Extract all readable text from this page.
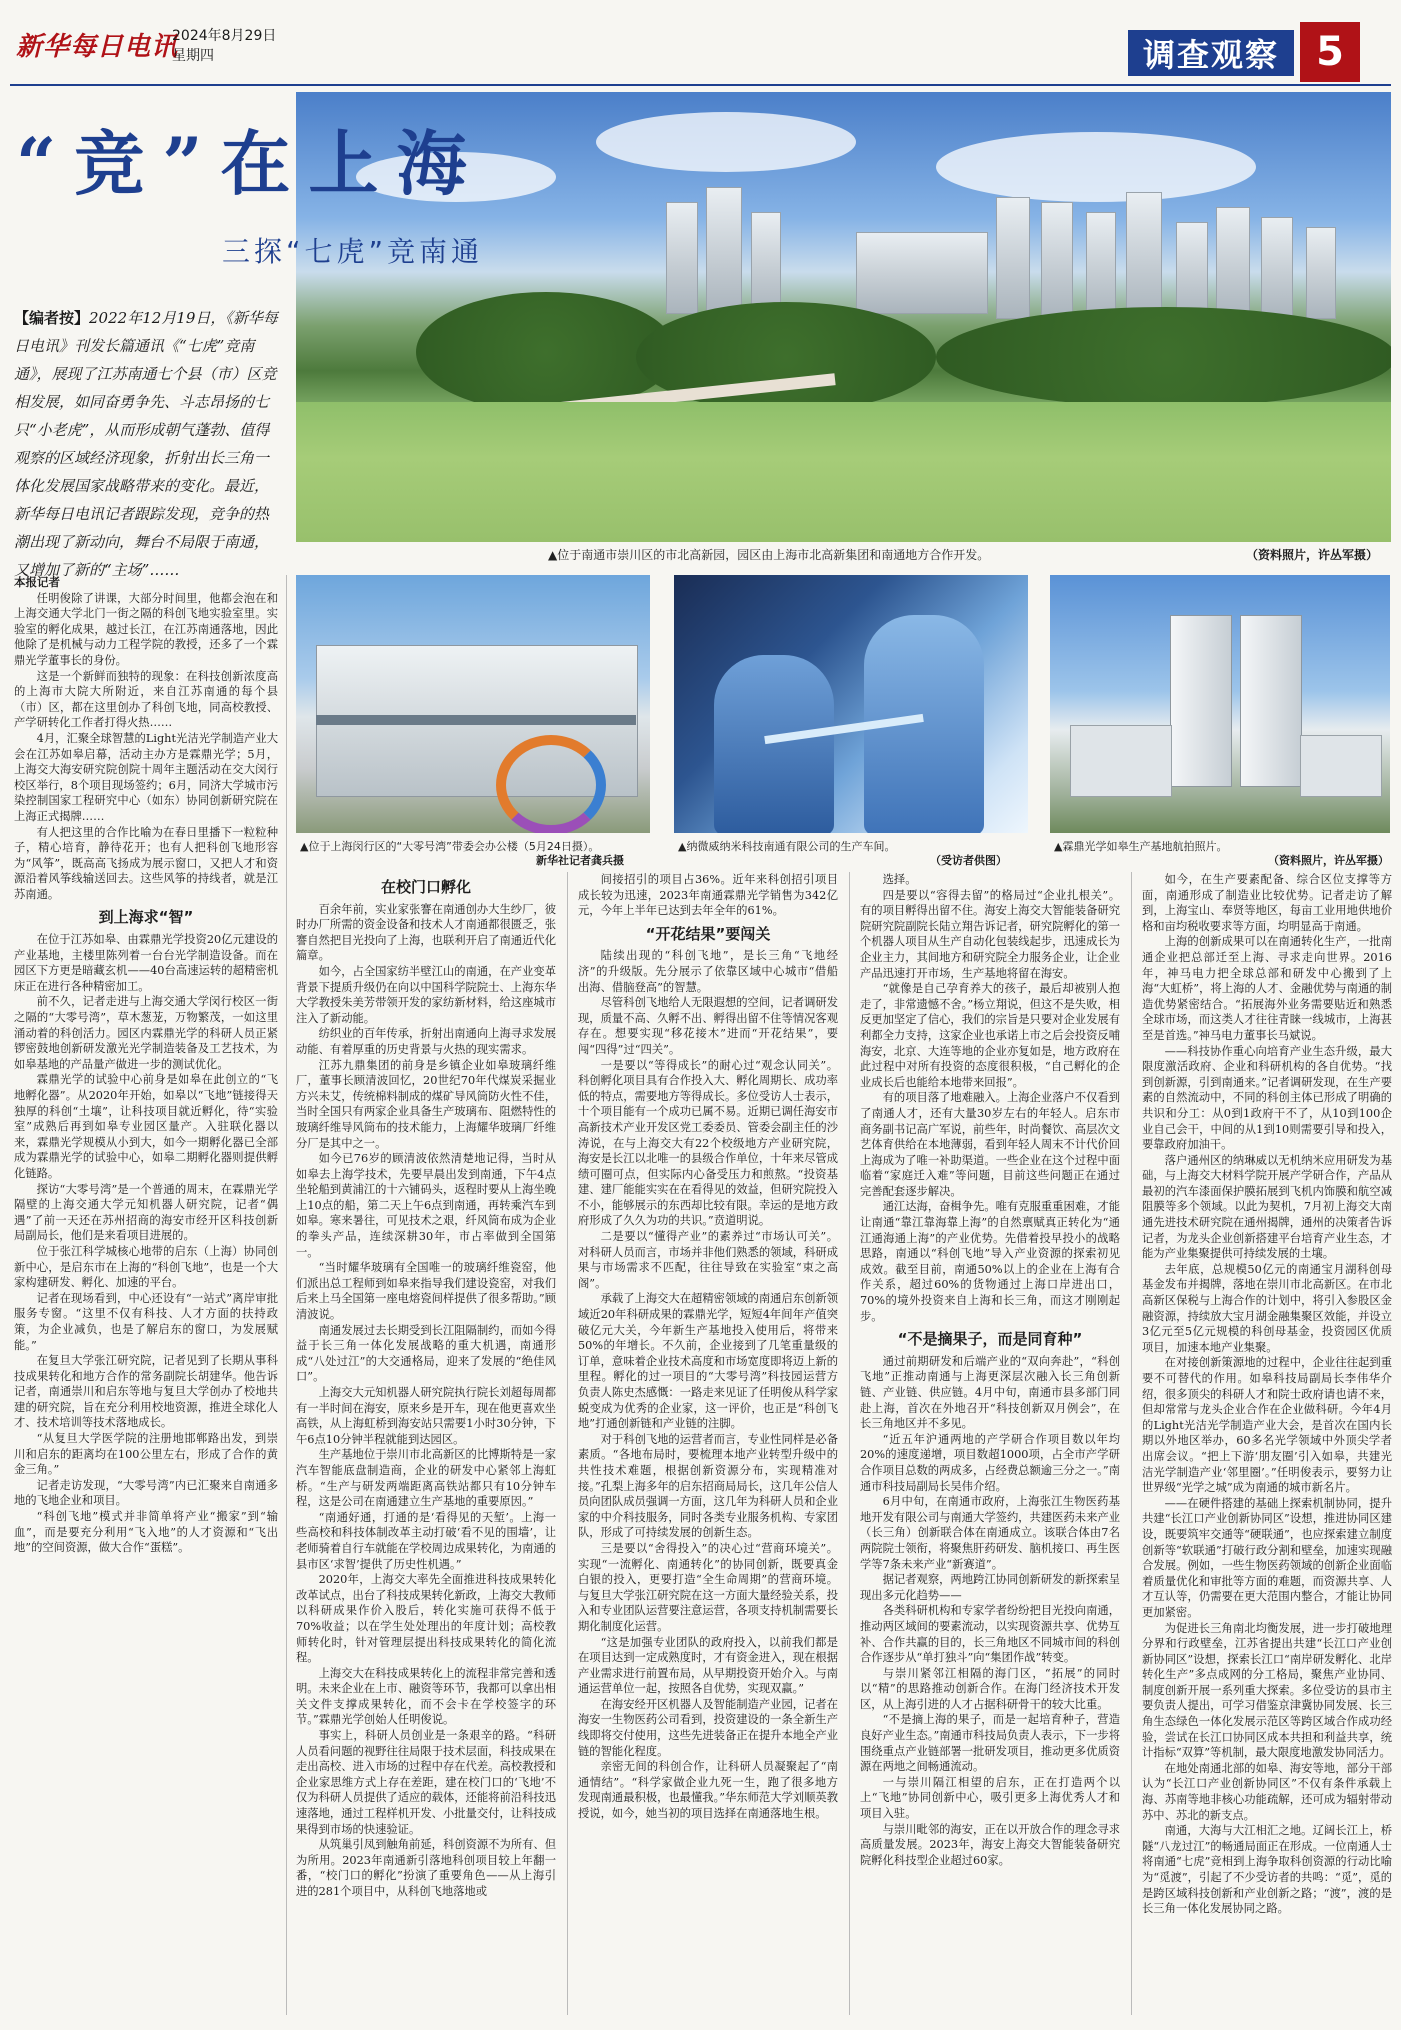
新华每日电讯
2024年8月29日
星期四	调查观察 5
“竞”在上海
三探“七虎”竞南通
【编者按】2022年12月19日，《新华每日电讯》刊发长篇通讯《“七虎”竞南通》，展现了江苏南通七个县（市）区竞相发展，如同奋勇争先、斗志昂扬的七只“小老虎”，从而形成朝气蓬勃、值得观察的区域经济现象，折射出长三角一体化发展国家战略带来的变化。最近，新华每日电讯记者跟踪发现，竞争的热潮出现了新动向，舞台不局限于南通，又增加了新的“主场”……
▲位于南通市崇川区的市北高新园，园区由上海市北高新集团和南通地方合作开发。	（资料照片，许丛军摄）
▲位于上海闵行区的“大零号湾”带委会办公楼（5月24日摄）。
新华社记者龚兵摄
▲纳微威纳米科技南通有限公司的生产车间。
（受访者供图）
▲霖鼎光学如皋生产基地航拍照片。
（资料照片，许丛军摄）

本报记者

任明俊除了讲课，大部分时间里，他都会泡在和上海交通大学北门一街之隔的科创飞地实验室里。实验室的孵化成果，越过长江，在江苏南通落地，因此他除了是机械与动力工程学院的教授，还多了一个霖鼎光学董事长的身份。

这是一个新鲜而独特的现象：在科技创新浓度高的上海市大院大所附近，来自江苏南通的每个县（市）区，都在这里创办了科创飞地，同高校教授、产学研转化工作者打得火热……

4月，汇聚全球智慧的Light光洁光学制造产业大会在江苏如皋启幕，活动主办方是霖鼎光学；5月，上海交大海安研究院创院十周年主题活动在交大闵行校区举行，8个项目现场签约；6月，同济大学城市污染控制国家工程研究中心（如东）协同创新研究院在上海正式揭牌……

有人把这里的合作比喻为在春日里播下一粒粒种子，精心培育，静待花开；也有人把科创飞地形容为“风筝”，既高高飞扬成为展示窗口，又把人才和资源沿着风筝线输送回去。这些风筝的持线者，就是江苏南通。

到上海求“智”

在位于江苏如皋、由霖鼎光学投资20亿元建设的产业基地，主楼里陈列着一台台光学制造设备。而在园区下方更是暗藏玄机——40台高速运转的超精密机床正在进行各种精密加工。

前不久，记者走进与上海交通大学闵行校区一街之隔的“大零号湾”，草木葱茏，万物繁茂，一如这里涌动着的科创活力。园区内霖鼎光学的科研人员正紧锣密鼓地创新研发激光光学制造装备及工艺技术，为如皋基地的产品量产做进一步的测试优化。

霖鼎光学的试验中心前身是如皋在此创立的“飞地孵化器”。从2020年开始，如皋以“飞地”链接得天独厚的科创“土壤”，让科技项目就近孵化，待“实验室”成熟后再到如皋专业园区量产。入驻联化器以来，霖鼎光学规模从小到大，如今一期孵化器已全部成为霖鼎光学的试验中心，如皋二期孵化器则提供孵化链路。

探访“大零号湾”是一个普通的周末，在霖鼎光学隔壁的上海交通大学元知机器人研究院，记者“偶遇”了前一天还在苏州招商的海安市经开区科技创新局副局长，他们是来看项目进展的。

位于张江科学城核心地带的启东（上海）协同创新中心，是启东市在上海的“科创飞地”，也是一个大家构建研发、孵化、加速的平台。

记者在现场看到，中心还设有“一站式”离岸审批服务专窗。“这里不仅有科技、人才方面的扶持政策，为企业减负，也是了解启东的窗口，为发展赋能。”

在复旦大学张江研究院，记者见到了长期从事科技成果转化和地方合作的常务副院长胡建华。他告诉记者，南通崇川和启东等地与复旦大学创办了校地共建的研究院，旨在充分利用校地资源，推进全球化人才、技术培训等技术落地成长。

“从复旦大学医学院的注册地邯郸路出发，到崇川和启东的距离均在100公里左右，形成了合作的黄金三角。”

记者走访发现，“大零号湾”内已汇聚来自南通多地的飞地企业和项目。

“科创飞地”模式并非简单将产业“搬家”到“输血”，而是要充分利用“飞入地”的人才资源和“飞出地”的空间资源，做大合作“蛋糕”。

在校门口孵化

百余年前，实业家张謇在南通创办大生纱厂，彼时办厂所需的资金设备和技术人才南通都很匮乏，张謇自然把目光投向了上海，也联利开启了南通近代化篇章。

如今，占全国家纺半壁江山的南通，在产业变革背景下提质升级仍在向以中国科学院院士、上海东华大学教授朱美芳带领开发的家纺新材料，给这座城市注入了新动能。

纺织业的百年传承，折射出南通向上海寻求发展动能、有着厚重的历史背景与火热的现实需求。

江苏九鼎集团的前身是乡镇企业如皋玻璃纤维厂，董事长顾清波回忆，20世纪70年代煤炭采掘业方兴未艾，传统棉料制成的煤矿导风筒防火性不佳，当时全国只有两家企业具备生产玻璃布、阻燃特性的玻璃纤维导风筒布的技术能力，上海耀华玻璃厂纤维分厂是其中之一。

如今已76岁的顾清波依然清楚地记得，当时从如皋去上海学技术，先要早晨出发到南通，下午4点坐轮船到黄浦江的十六铺码头，返程时要从上海坐晚上10点的船，第二天上午6点到南通，再转乘汽车到如皋。寒来暑往，可见技术之艰，纤风筒布成为企业的拳头产品，连续深耕30年，市占率做到全国第一。

“当时耀华玻璃有全国唯一的玻璃纤维瓷窑，他们派出总工程师到如皋来指导我们建设瓷窑，对我们后来上马全国第一座电熔瓷间样提供了很多帮助。”顾清波说。

南通发展过去长期受到长江阻隔制约，而如今得益于长三角一体化发展战略的重大机遇，南通形成“八处过江”的大交通格局，迎来了发展的“绝佳风口”。

上海交大元知机器人研究院执行院长刘超每周都有一半时间在海安，原来乡是开车，现在他更喜欢坐高铁，从上海虹桥到海安站只需要1小时30分钟，下午6点10分钟半程就能到达园区。

生产基地位于崇川市北高新区的比博斯特是一家汽车智能底盘制造商，企业的研发中心紧邻上海虹桥。“生产与研发两端距离高铁站都只有10分钟车程，这是公司在南通建立生产基地的重要原因。”

“南通好通，打通的是‘看得见的天堑’。上海一些高校和科技体制改革主动打破‘看不见的围墙’，让老师骑着自行车就能在学校周边成果转化，为南通的县市区‘求智’提供了历史性机遇。”

2020年，上海交大率先全面推进科技成果转化改革试点，出台了科技成果转化新政，上海交大教师以科研成果作价入股后，转化实施可获得不低于70%收益；以在学生处处理出的年度计划；高校教师转化时，针对管理层提出科技成果转化的简化流程。

上海交大在科技成果转化上的流程非常完善和透明。未来企业在上市、融资等环节，我都可以拿出相关文件支撑成果转化，而不会卡在学校签字的环节。”霖鼎光学创始人任明俊说。

事实上，科研人员创业是一条艰辛的路。“科研人员看问题的视野往往局限于技术层面，科技成果在走出高校、进入市场的过程中存在代差。高校教授和企业家思维方式上存在差距，建在校门口的‘飞地’不仅为科研人员提供了适应的载体，还能将前沿科技迅速落地，通过工程样机开发、小批量交付，让科技成果得到市场的快速验证。

从筑巢引凤到触角前延，科创资源不为所有、但为所用。2023年南通新引落地科创项目较上年翻一番，“校门口的孵化”扮演了重要角色——从上海引进的281个项目中，从科创飞地落地或

间接招引的项目占36%。近年来科创招引项目成长较为迅速，2023年南通霖鼎光学销售为342亿元，今年上半年已达到去年全年的61%。

“开花结果”要闯关

陆续出现的“科创飞地”，是长三角“飞地经济”的升级版。先分展示了依靠区域中心城市“借船出海、借脑登高”的智慧。

尽管科创飞地给人无限遐想的空间，记者调研发现，质量不高、久孵不出、孵得出留不住等情况客观存在。想要实现“移花接木”进而“开花结果”，要闯“四得”过“四关”。

一是要以“等得成长”的耐心过“观念认同关”。科创孵化项目具有合作投入大、孵化周期长、成功率低的特点，需要地方等得成长。多位受访人士表示，十个项目能有一个成功已属不易。近期已调任海安市高新技术产业开发区党工委委员、管委会副主任的沙涛说，在与上海交大有22个校级地方产业研究院，海安是长江以北唯一的县级合作单位，十年来尽管成绩可圈可点，但实际内心备受压力和煎熬。“投资基建、建厂能能实实在在看得见的效益，但研究院投入不小，能够展示的东西却比较有限。幸运的是地方政府形成了久久为功的共识。”贲道明说。

二是要以“懂得产业”的素养过“市场认可关”。对科研人员而言，市场并非他们熟悉的领域，科研成果与市场需求不匹配，往往导致在实验室“束之高阁”。

承载了上海交大在超精密领域的南通启东创新领域近20年科研成果的霖鼎光学，短短4年间年产值突破亿元大关，今年新生产基地投入使用后，将带来50%的年增长。不久前，企业接到了几笔重量级的订单，意味着企业技术高度和市场宽度即将迈上新的里程。孵化的过一项目的“大零号湾”科技园运营方负责人陈史杰感慨：一路走来见证了任明俊从科学家蜕变成为优秀的企业家，这一评价，也正是“科创飞地”打通创新链和产业链的注脚。

对于科创飞地的运营者而言，专业性同样是必备素质。“各地布局时，要梳理本地产业转型升级中的共性技术难题，根据创新资源分布，实现精准对接。”孔梨上海多年的启东招商局局长，这几年公信人员向团队成员强调一方面，这几年为科研人员和企业家的中介科技服务，同时各类专业服务机构、专家团队，形成了可持续发展的创新生态。

三是要以“舍得投入”的决心过“营商环境关”。实现“一流孵化、南通转化”的协同创新，既要真金白银的投入，更要打造“全生命周期”的营商环境。与复旦大学张江研究院在这一方面大量经验关系，投入和专业团队运营要注意运营，各项支持机制需要长期化制度化运营。

“这是加强专业团队的政府投入，以前我们都是在项目达到一定成熟度时，才有资金进入，现在根据产业需求进行前置布局，从早期投资开始介入。与南通运营单位一起，按照各自优势，实现双赢。”

在海安经开区机器人及智能制造产业园，记者在海安一生物医药公司看到，投资建设的一条全新生产线即将交付使用，这些先进装备正在提升本地全产业链的智能化程度。

亲密无间的科创合作，让科研人员凝聚起了“南通情结”。“科学家做企业九死一生，跑了很多地方发现南通最积极，也最懂我。”华东师范大学刘顺英教授说，如今，她当初的项目选择在南通落地生根。

选择。

四是要以“容得去留”的格局过“企业扎根关”。有的项目孵得出留不住。海安上海交大智能装备研究院研究院副院长陆立翔告诉记者，研究院孵化的第一个机器人项目从生产自动化包装线起步，迅速成长为企业主力，其间地方和研究院全力服务企业，让企业产品迅速打开市场，生产基地将留在海安。

“就像是自己孕育养大的孩子，最后却被别人抱走了，非常遗憾不舍。”杨立翔说，但这不是失败，相反更加坚定了信心，我们的宗旨是只要对企业发展有利都全力支持，这家企业也承诺上市之后会投资反哺海安，北京、大连等地的企业亦复如是，地方政府在此过程中对所有投资的态度很积极，“自己孵化的企业成长后也能给本地带来回报”。

有的项目落了地难融入。上海企业落户不仅看到了南通人才，还有大量30岁左右的年轻人。启东市商务副书记高广军说，前些年，时尚餐饮、高层次文艺体育供给在本地薄弱，看到年轻人周末不计代价回上海成为了唯一补助渠道。一些企业在这个过程中面临着“家庭迁入难”等问题，目前这些问题正在通过完善配套逐步解决。

通江达海，奋楫争先。唯有克服重重困难，才能让南通“靠江靠海靠上海”的自然禀赋真正转化为“通江通海通上海”的产业优势。先借着投早投小的战略思路，南通以“科创飞地”导入产业资源的探索初见成效。截至目前，南通50%以上的企业在上海有合作关系，超过60%的货物通过上海口岸进出口，70%的境外投资来自上海和长三角，而这才刚刚起步。

“不是摘果子，而是同育种”

通过前期研发和后端产业的“双向奔赴”，“科创飞地”正推动南通与上海更深层次融入长三角创新链、产业链、供应链。4月中旬，南通市县多部门同赴上海，首次在外地召开“科技创新双月例会”，在长三角地区并不多见。

“近五年沪通两地的产学研合作项目数以年均20%的速度递增，项目数超1000项，占全市产学研合作项目总数的两成多，占经费总额逾三分之一。”南通市科技局副局长吴伟介绍。

6月中旬，在南通市政府，上海张江生物医药基地开发有限公司与南通大学签约，共建医药未来产业（长三角）创新联合体在南通成立。该联合体由7名两院院士领衔，将聚焦肝药研发、脑机接口、再生医学等7条未来产业“新赛道”。

据记者观察，两地跨江协同创新研发的新探索呈现出多元化趋势——

各类科研机构和专家学者纷纷把目光投向南通，推动两区域间的要素流动，以实现资源共享、优势互补、合作共赢的目的，长三角地区不同城市间的科创合作逐步从“单打独斗”向“集团作战”转变。

与崇川紧邻江相隔的海门区，“拓展”的同时以“精”的思路推动创新合作。在海门经济技术开发区，从上海引进的人才占据科研骨干的较大比重。

“不是摘上海的果子，而是一起培育种子，营造良好产业生态。”南通市科技局负责人表示，下一步将围绕重点产业链部署一批研发项目，推动更多优质资源在两地之间畅通流动。

一与崇川隔江相望的启东，正在打造两个以上“飞地”协同创新中心，吸引更多上海优秀人才和项目入驻。

与崇川毗邻的海安，正在以开放合作的理念寻求高质量发展。2023年，海安上海交大智能装备研究院孵化科技型企业超过60家。

如今，在生产要素配备、综合区位支撑等方面，南通形成了制造业比较优势。记者走访了解到，上海宝山、奉贤等地区，每亩工业用地供地价格和亩均税收要求等方面，均明显高于南通。

上海的创新成果可以在南通转化生产，一批南通企业把总部迁至上海、寻求走向世界。2016年，神马电力把全球总部和研发中心搬到了上海“大虹桥”，将上海的人才、金融优势与南通的制造优势紧密结合。“拓展海外业务需要贴近和熟悉全球市场，而这类人才往往青睐一线城市，上海甚至是首选。”神马电力董事长马斌说。

——科技协作重心向培育产业生态升级，最大限度激活政府、企业和科研机构的各自优势。“找到创新源，引到南通来。”记者调研发现，在生产要素的自然流动中，不同的科创主体已形成了明确的共识和分工：从0到1政府干不了，从10到100企业自己会干，中间的从1到10则需要引导和投入，要靠政府加油干。

落户通州区的纳琳威以无机纳米应用研发为基础，与上海交大材料学院开展产学研合作，产品从最初的汽车漆面保护膜拓展到飞机内饰膜和航空减阻膜等多个领域。以此为契机，7月初上海交大南通先进技术研究院在通州揭牌，通州的决策者告诉记者，为龙头企业创新搭建平台培育产业生态，才能为产业集聚提供可持续发展的土壤。

去年底，总规模50亿元的南通宝月湖科创母基金发布并揭牌，落地在崇川市北高新区。在市北高新区保税与上海合作的计划中，将引入参股区金融资源，持续放大宝月湖金融集聚区效能，并设立3亿元至5亿元规模的科创母基金，投资园区优质项目，加速本地产业集聚。

在对接创新策源地的过程中，企业往往起到重要不可替代的作用。如皋科技局副局长李伟华介绍，很多顶尖的科研人才和院士政府请也请不来，但却常常与龙头企业合作在企业做科研。今年4月的Light光洁光学制造产业大会，是首次在国内长期以外地区举办，60多名光学领域中外顶尖学者出席会议。“把上下游‘朋友圈’引入如皋，共建光洁光学制造产业‘邻里圈’。”任明俊表示，要努力让世界级“光学之城”成为南通的城市新名片。

——在硬件搭建的基础上探索机制协同，提升共建“长江口产业创新协同区”设想，推进协同区建设，既要筑牢交通等“硬联通”，也应探索建立制度创新等“软联通”打破行政分割和壁垒，加速实现融合发展。例如，一些生物医药领域的创新企业面临着质量优化和审批等方面的难题，而资源共享、人才互认等，仍需要在更大范围内整合，才能让协同更加紧密。

为促进长三角南北均衡发展，进一步打破地理分界和行政壁垒，江苏省提出共建“长江口产业创新协同区”设想，探索长江口“南岸研发孵化、北岸转化生产”多点成网的分工格局，聚焦产业协同、制度创新开展一系列重大探索。多位受访的县市主要负责人提出，可学习借鉴京津冀协同发展、长三角生态绿色一体化发展示范区等跨区域合作成功经验，尝试在长江口协同区成本共担和利益共享，统计指标“双算”等机制，最大限度地激发协同活力。

在地处南通北部的如皋、海安等地，部分干部认为“长江口产业创新协同区”不仅有条件承载上海、苏南等地非核心功能疏解，还可成为辐射带动苏中、苏北的新支点。

南通，大海与大江相汇之地。辽阔长江上，桥隧“八龙过江”的畅通局面正在形成。一位南通人士将南通“七虎”竞相到上海争取科创资源的行动比喻为“觅渡”，引起了不少受访者的共鸣：“觅”，觅的是跨区域科技创新和产业创新之路；“渡”，渡的是长三角一体化发展协同之路。
